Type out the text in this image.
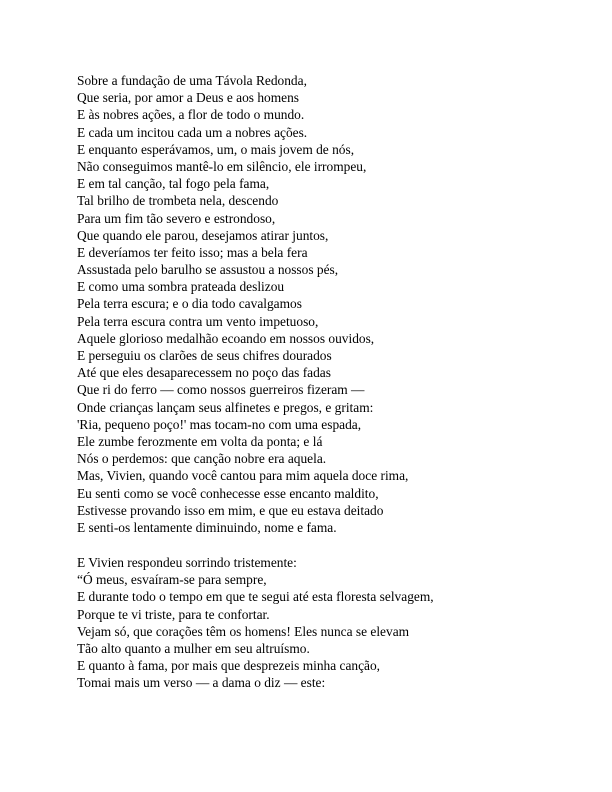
Sobre a fundação de uma Távola Redonda,
Que seria, por amor a Deus e aos homens
E às nobres ações, a flor de todo o mundo.
E cada um incitou cada um a nobres ações.
E enquanto esperávamos, um, o mais jovem de nós,
Não conseguimos mantê-lo em silêncio, ele irrompeu,
E em tal canção, tal fogo pela fama,
Tal brilho de trombeta nela, descendo
Para um fim tão severo e estrondoso,
Que quando ele parou, desejamos atirar juntos,
E deveríamos ter feito isso; mas a bela fera
Assustada pelo barulho se assustou a nossos pés,
E como uma sombra prateada deslizou
Pela terra escura; e o dia todo cavalgamos
Pela terra escura contra um vento impetuoso,
Aquele glorioso medalhão ecoando em nossos ouvidos,
E perseguiu os clarões de seus chifres dourados
Até que eles desaparecessem no poço das fadas
Que ri do ferro — como nossos guerreiros fizeram —
Onde crianças lançam seus alfinetes e pregos, e gritam:
'Ria, pequeno poço!' mas tocam-no com uma espada,
Ele zumbe ferozmente em volta da ponta; e lá
Nós o perdemos: que canção nobre era aquela.
Mas, Vivien, quando você cantou para mim aquela doce rima,
Eu senti como se você conhecesse esse encanto maldito,
Estivesse provando isso em mim, e que eu estava deitado
E senti-os lentamente diminuindo, nome e fama.
E Vivien respondeu sorrindo tristemente:
“Ó meus, esvaíram-se para sempre,
E durante todo o tempo em que te segui até esta floresta selvagem,
Porque te vi triste, para te confortar.
Vejam só, que corações têm os homens! Eles nunca se elevam
Tão alto quanto a mulher em seu altruísmo.
E quanto à fama, por mais que desprezeis minha canção,
Tomai mais um verso — a dama o diz — este:
